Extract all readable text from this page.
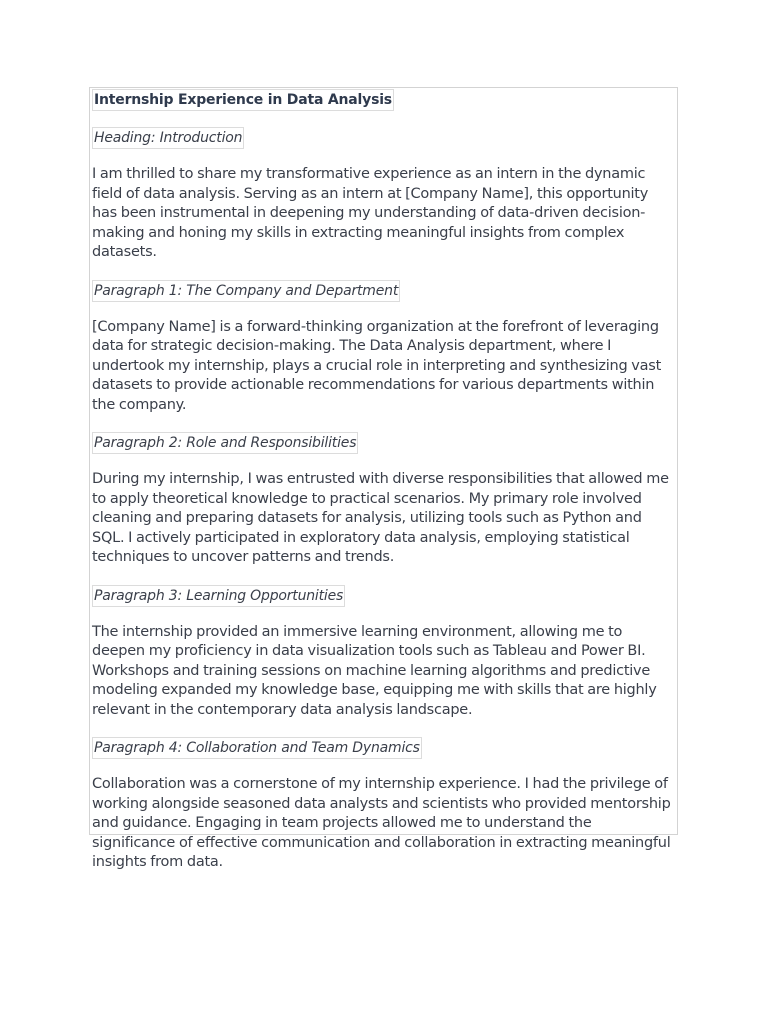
Internship Experience in Data Analysis
Heading: Introduction

I am thrilled to share my transformative experience as an intern in the dynamic field of data analysis. Serving as an intern at [Company Name], this opportunity has been instrumental in deepening my understanding of data-driven decision-making and honing my skills in extracting meaningful insights from complex datasets.

Paragraph 1: The Company and Department

[Company Name] is a forward-thinking organization at the forefront of leveraging data for strategic decision-making. The Data Analysis department, where I undertook my internship, plays a crucial role in interpreting and synthesizing vast datasets to provide actionable recommendations for various departments within the company.

Paragraph 2: Role and Responsibilities

During my internship, I was entrusted with diverse responsibilities that allowed me to apply theoretical knowledge to practical scenarios. My primary role involved cleaning and preparing datasets for analysis, utilizing tools such as Python and SQL. I actively participated in exploratory data analysis, employing statistical techniques to uncover patterns and trends.

Paragraph 3: Learning Opportunities

The internship provided an immersive learning environment, allowing me to deepen my proficiency in data visualization tools such as Tableau and Power BI. Workshops and training sessions on machine learning algorithms and predictive modeling expanded my knowledge base, equipping me with skills that are highly relevant in the contemporary data analysis landscape.

Paragraph 4: Collaboration and Team Dynamics

Collaboration was a cornerstone of my internship experience. I had the privilege of working alongside seasoned data analysts and scientists who provided mentorship and guidance. Engaging in team projects allowed me to understand the significance of effective communication and collaboration in extracting meaningful insights from data.
